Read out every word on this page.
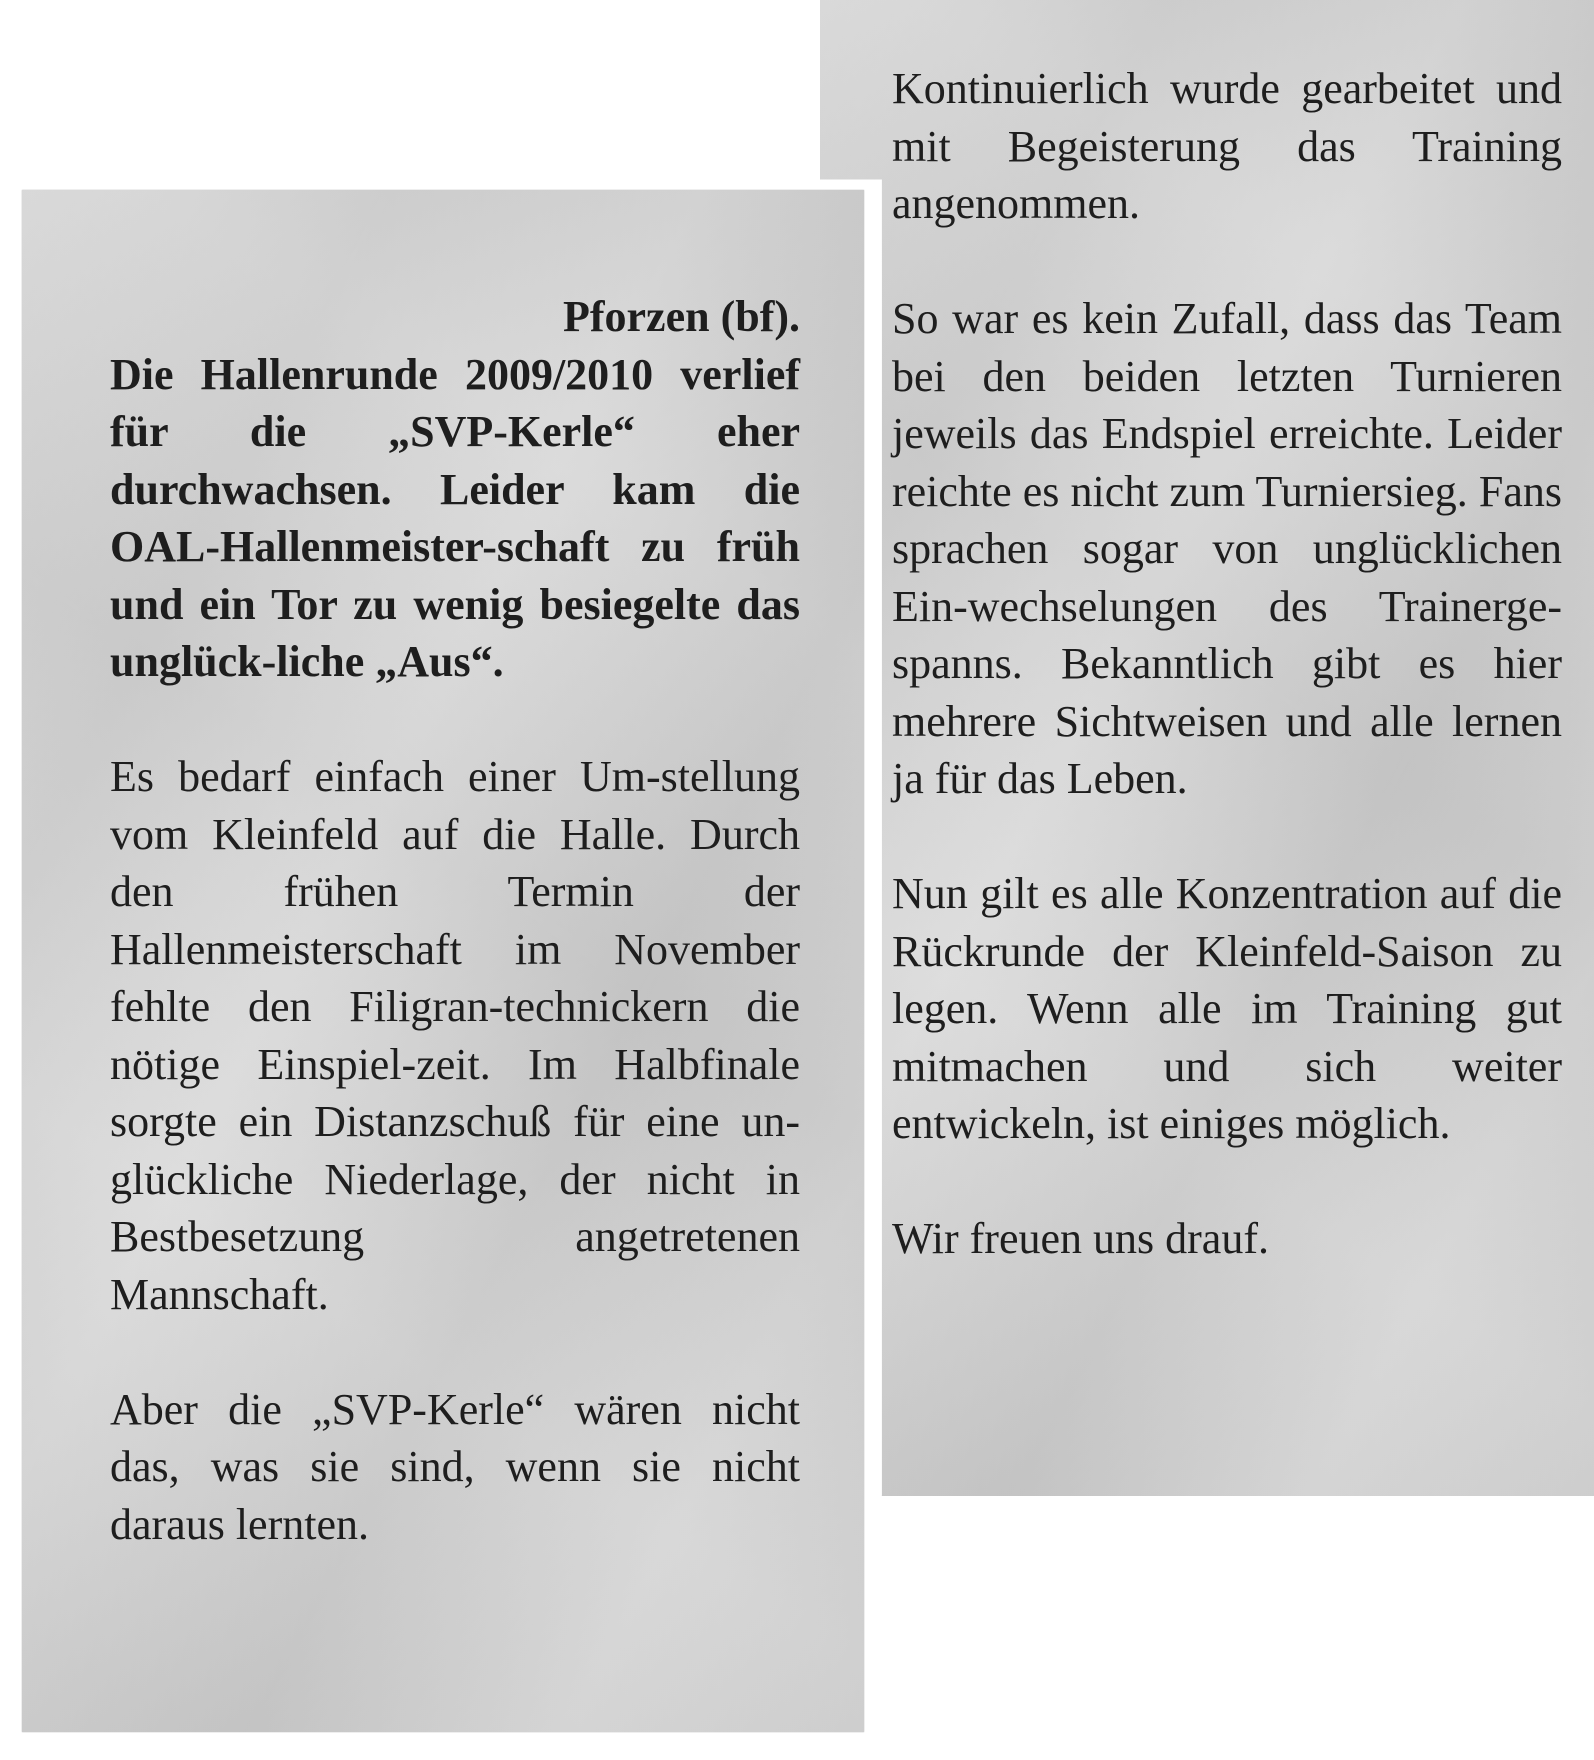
Pforzen (bf).
Die Hallenrunde 2009/2010 verlief für die „SVP-Kerle“ eher durchwachsen. Leider kam die OAL-Hallenmeister-schaft zu früh und ein Tor zu wenig besiegelte das unglück-liche „Aus“.

Es bedarf einfach einer Um-stellung vom Kleinfeld auf die Halle. Durch den frühen Termin der Hallenmeisterschaft im November fehlte den Filigran-technickern die nötige Einspiel-zeit. Im Halbfinale sorgte ein Distanzschuß für eine un-glückliche Niederlage, der nicht in Bestbesetzung angetretenen Mannschaft.

Aber die „SVP-Kerle“ wären nicht das, was sie sind, wenn sie nicht daraus lernten.

Kontinuierlich wurde gearbeitet und mit Begeisterung das Training angenommen.

So war es kein Zufall, dass das Team bei den beiden letzten Turnieren jeweils das Endspiel erreichte. Leider reichte es nicht zum Turniersieg. Fans sprachen sogar von unglücklichen Ein-wechselungen des Trainerge-spanns. Bekanntlich gibt es hier mehrere Sichtweisen und alle lernen ja für das Leben.

Nun gilt es alle Konzentration auf die Rückrunde der Kleinfeld-Saison zu legen. Wenn alle im Training gut mitmachen und sich weiter entwickeln, ist einiges möglich.

Wir freuen uns drauf.
